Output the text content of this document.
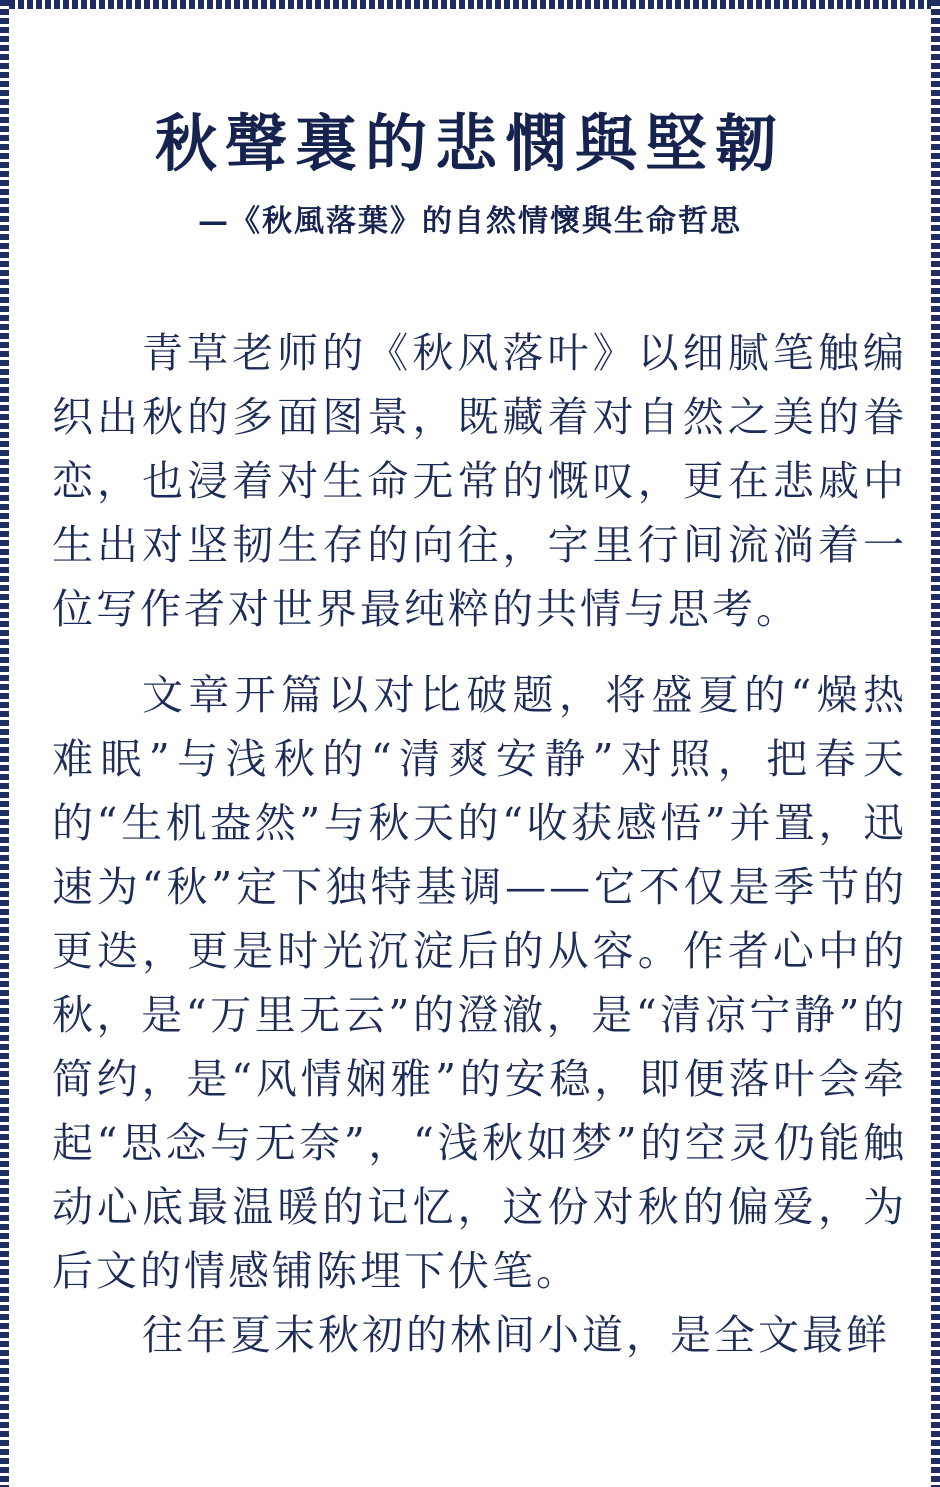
秋聲裏的悲憫與堅韌
—《秋風落葉》的自然情懷與生命哲思

青草老师的《秋风落叶》以细腻笔触编织出秋的多面图景，既藏着对自然之美的眷恋，也浸着对生命无常的慨叹，更在悲戚中生出对坚韧生存的向往，字里行间流淌着一位写作者对世界最纯粹的共情与思考。

文章开篇以对比破题，将盛夏的“燥热难眠”与浅秋的“清爽安静”对照，把春天的“生机盎然”与秋天的“收获感悟”并置，迅速为“秋”定下独特基调——它不仅是季节的更迭，更是时光沉淀后的从容。作者心中的秋，是“万里无云”的澄澈，是“清凉宁静”的简约，是“风情娴雅”的安稳，即便落叶会牵起“思念与无奈”，“浅秋如梦”的空灵仍能触动心底最温暖的记忆，这份对秋的偏爱，为后文的情感铺陈埋下伏笔。

往年夏末秋初的林间小道，是全文最鲜
